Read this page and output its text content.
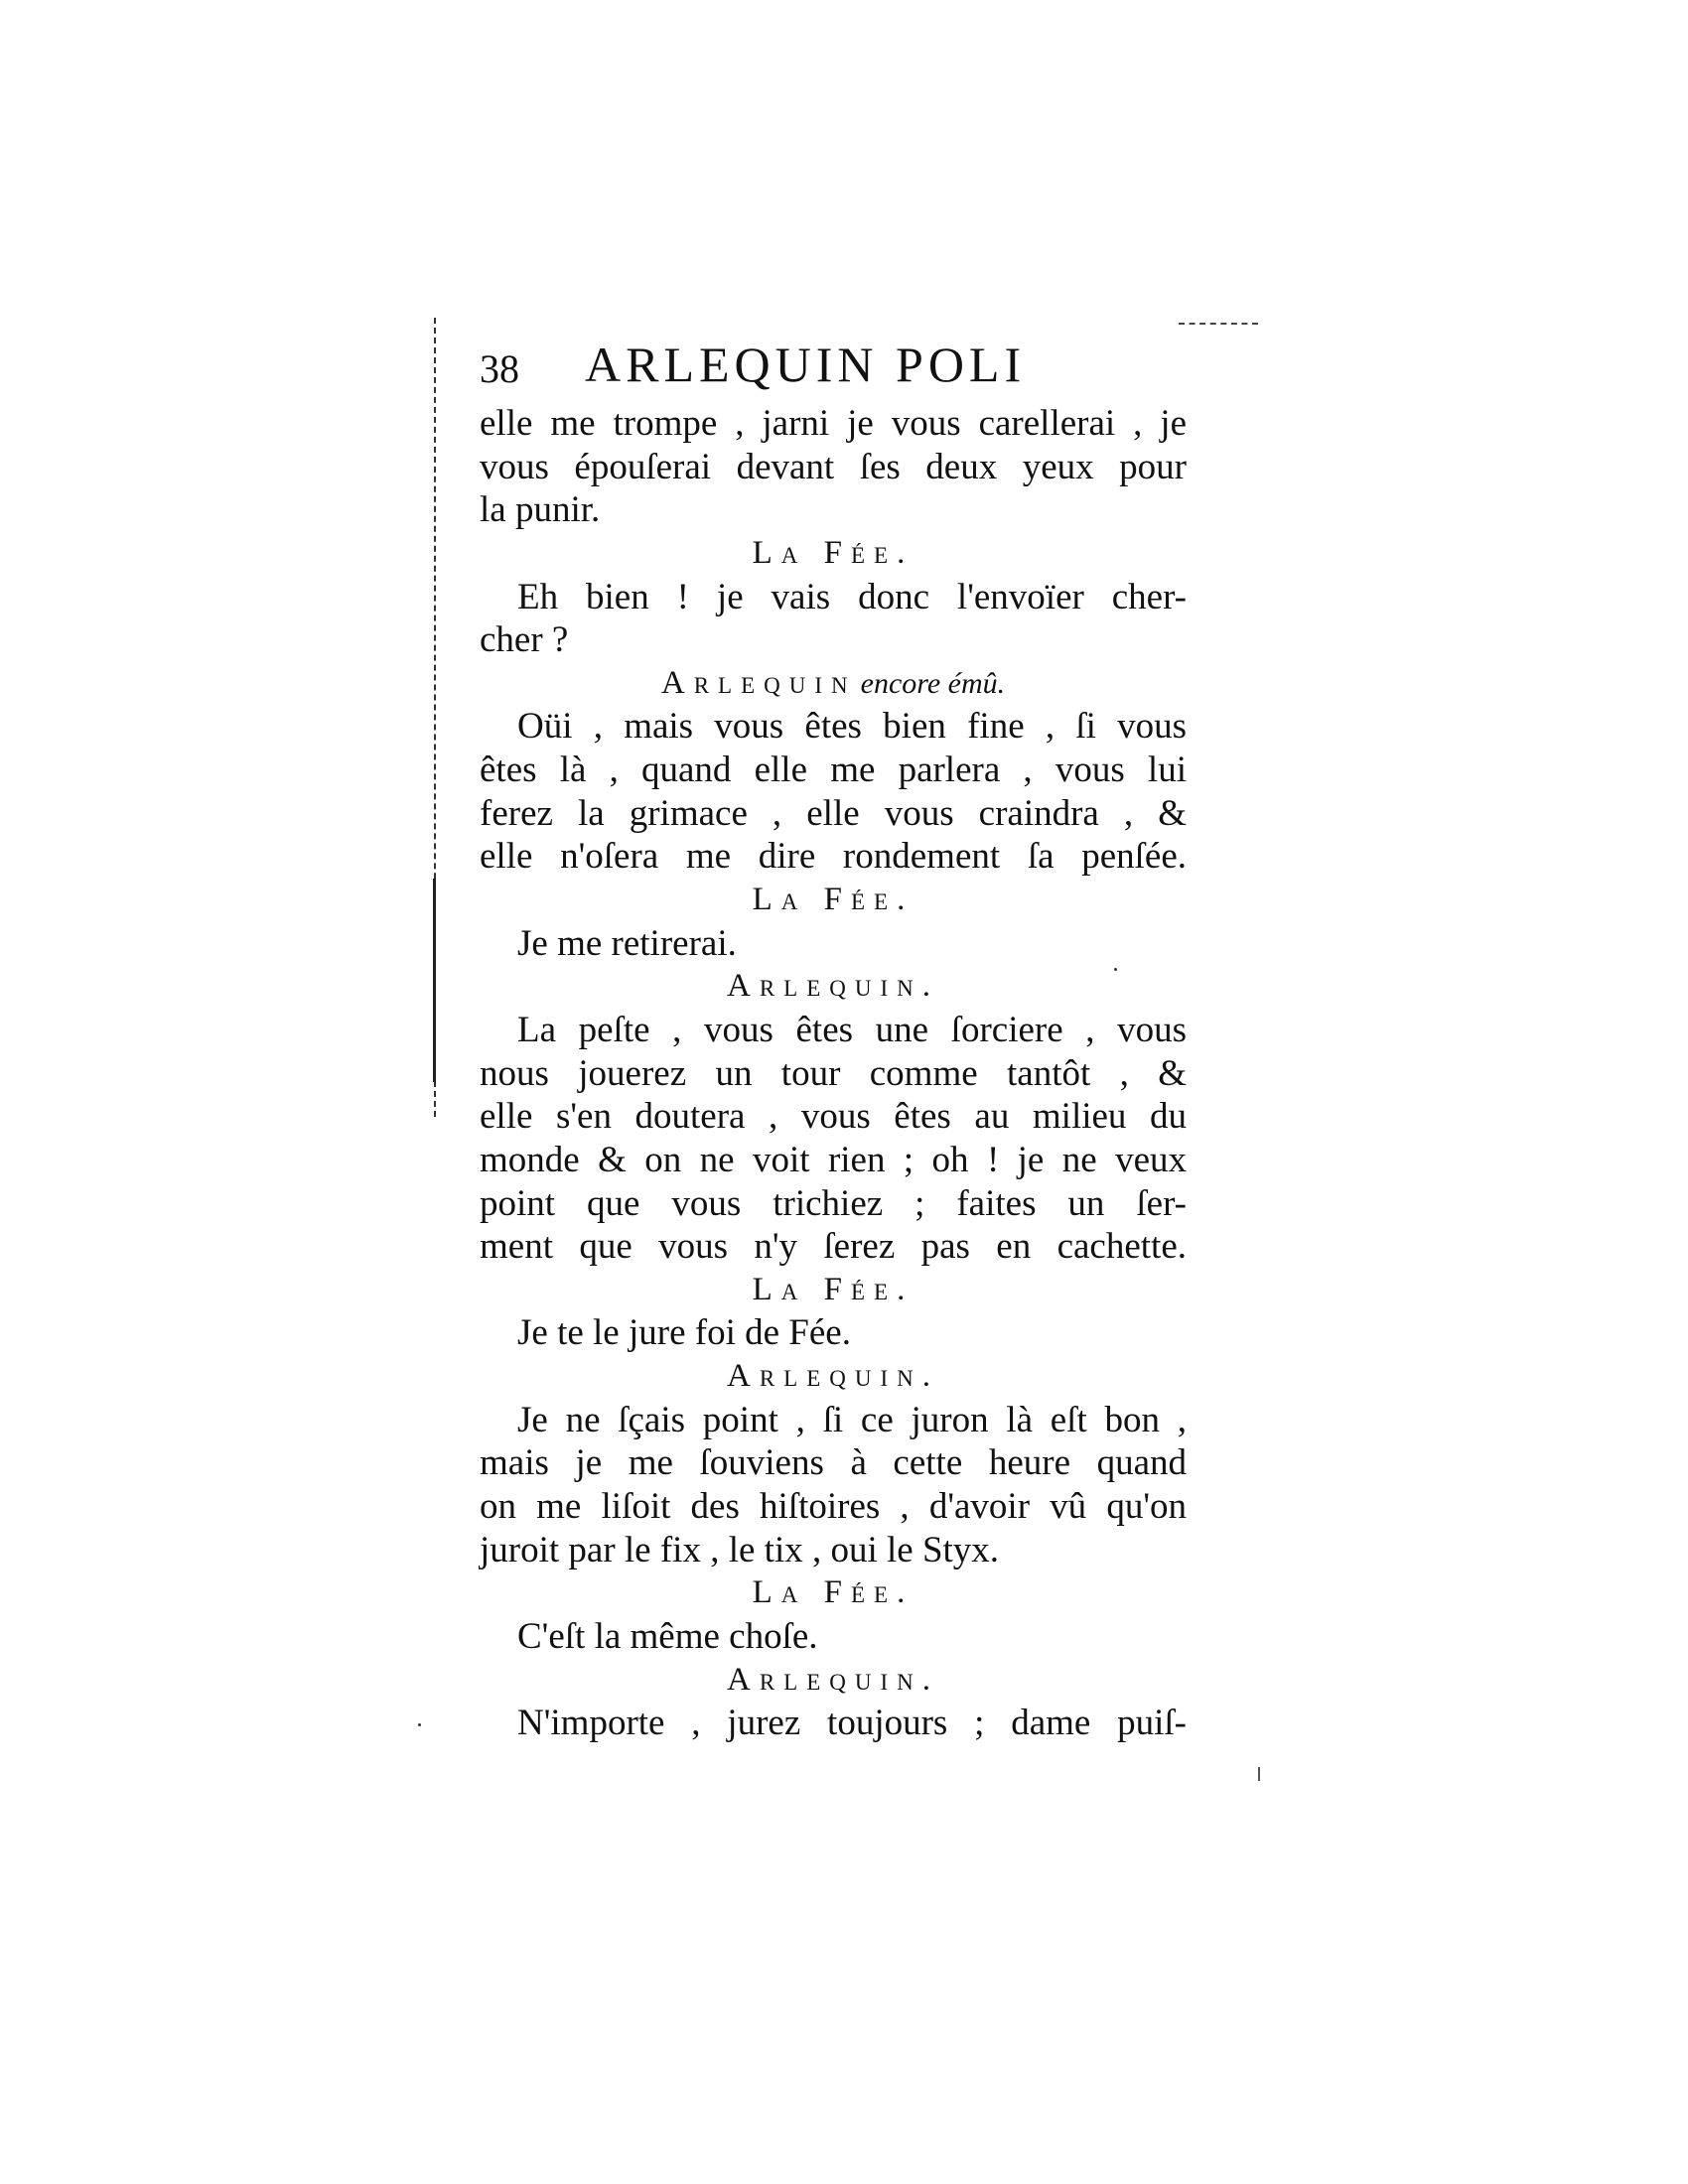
38 ARLEQUIN POLI
elle me trompe , jarni je vous carellerai , je
vous épouſerai devant ſes deux yeux pour
la punir.
La Fée.
Eh bien ! je vais donc l'envoïer cher-
cher ?
Arlequin encore émû.
Oüi , mais vous êtes bien fine , ſi vous
êtes là , quand elle me parlera , vous lui
ferez la grimace , elle vous craindra , &
elle n'oſera me dire rondement ſa penſée.
La Fée.
Je me retirerai.
Arlequin.
La peſte , vous êtes une ſorciere , vous
nous jouerez un tour comme tantôt , &
elle s'en doutera , vous êtes au milieu du
monde & on ne voit rien ; oh ! je ne veux
point que vous trichiez ; faites un ſer-
ment que vous n'y ſerez pas en cachette.
La Fée.
Je te le jure foi de Fée.
Arlequin.
Je ne ſçais point , ſi ce juron là eſt bon ,
mais je me ſouviens à cette heure quand
on me liſoit des hiſtoires , d'avoir vû qu'on
juroit par le fix , le tix , oui le Styx.
La Fée.
C'eſt la même choſe.
Arlequin.
N'importe , jurez toujours ; dame puiſ-
